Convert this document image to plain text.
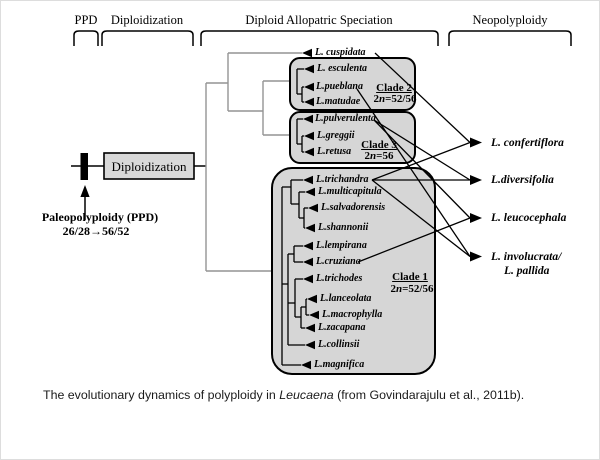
PPD Diploidization	Diploid Allopatric Speciation	Neopolyploidy
Diploidization
Paleopolyploidy (PPD)
26/28→56/52
L. cuspidata
L. esculenta
L.pueblana
L.matudae
L.pulverulenta
L.greggii
L.retusa
L.trichandra
L.multicapitula
L.salvadorensis
L.shannonii
L.lempirana
L.cruziana
L.trichodes
L.lanceolata
L.macrophylla
L.zacapana
L.collinsii
L.magnifica
Clade 2
2n=52/56
Clade 3
2n=56
Clade 1
2n=52/56
L. confertiflora
L.diversifolia
L. leucocephala
L. involucrata/
L. pallida
The evolutionary dynamics of polyploidy in Leucaena (from Govindarajulu et al., 2011b).
